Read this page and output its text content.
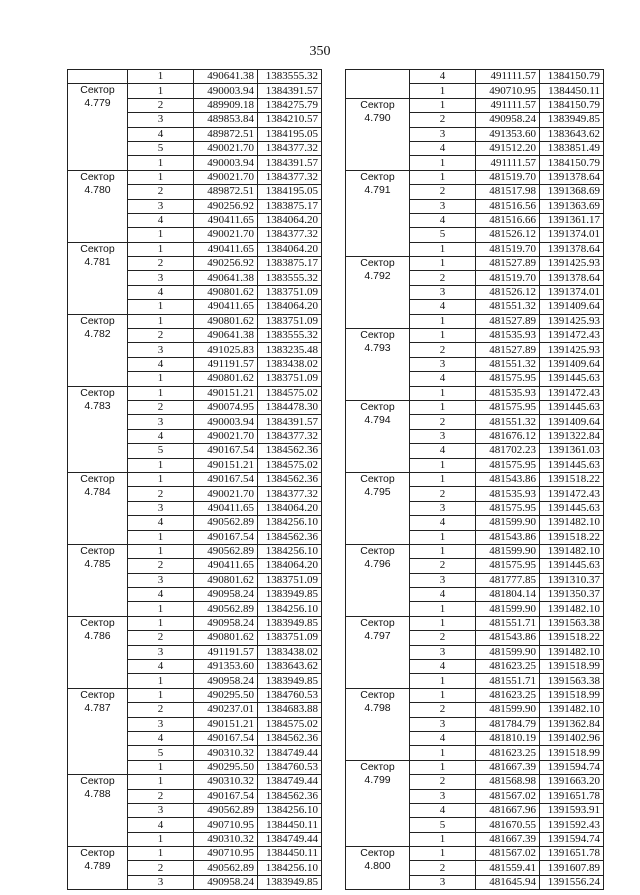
350
	1	490641.38	1383555.32
Сектор
4.779	1	490003.94	1384391.57
	2	489909.18	1384275.79
	3	489853.84	1384210.57
	4	489872.51	1384195.05
	5	490021.70	1384377.32
	1	490003.94	1384391.57
Сектор
4.780	1	490021.70	1384377.32
	2	489872.51	1384195.05
	3	490256.92	1383875.17
	4	490411.65	1384064.20
	1	490021.70	1384377.32
Сектор
4.781	1	490411.65	1384064.20
	2	490256.92	1383875.17
	3	490641.38	1383555.32
	4	490801.62	1383751.09
	1	490411.65	1384064.20
Сектор
4.782	1	490801.62	1383751.09
	2	490641.38	1383555.32
	3	491025.83	1383235.48
	4	491191.57	1383438.02
	1	490801.62	1383751.09
Сектор
4.783	1	490151.21	1384575.02
	2	490074.95	1384478.30
	3	490003.94	1384391.57
	4	490021.70	1384377.32
	5	490167.54	1384562.36
	1	490151.21	1384575.02
Сектор
4.784	1	490167.54	1384562.36
	2	490021.70	1384377.32
	3	490411.65	1384064.20
	4	490562.89	1384256.10
	1	490167.54	1384562.36
Сектор
4.785	1	490562.89	1384256.10
	2	490411.65	1384064.20
	3	490801.62	1383751.09
	4	490958.24	1383949.85
	1	490562.89	1384256.10
Сектор
4.786	1	490958.24	1383949.85
	2	490801.62	1383751.09
	3	491191.57	1383438.02
	4	491353.60	1383643.62
	1	490958.24	1383949.85
Сектор
4.787	1	490295.50	1384760.53
	2	490237.01	1384683.88
	3	490151.21	1384575.02
	4	490167.54	1384562.36
	5	490310.32	1384749.44
	1	490295.50	1384760.53
Сектор
4.788	1	490310.32	1384749.44
	2	490167.54	1384562.36
	3	490562.89	1384256.10
	4	490710.95	1384450.11
	1	490310.32	1384749.44
Сектор
4.789	1	490710.95	1384450.11
	2	490562.89	1384256.10
	3	490958.24	1383949.85
	4	491111.57	1384150.79
	1	490710.95	1384450.11
Сектор
4.790	1	491111.57	1384150.79
	2	490958.24	1383949.85
	3	491353.60	1383643.62
	4	491512.20	1383851.49
	1	491111.57	1384150.79
Сектор
4.791	1	481519.70	1391378.64
	2	481517.98	1391368.69
	3	481516.56	1391363.69
	4	481516.66	1391361.17
	5	481526.12	1391374.01
	1	481519.70	1391378.64
Сектор
4.792	1	481527.89	1391425.93
	2	481519.70	1391378.64
	3	481526.12	1391374.01
	4	481551.32	1391409.64
	1	481527.89	1391425.93
Сектор
4.793	1	481535.93	1391472.43
	2	481527.89	1391425.93
	3	481551.32	1391409.64
	4	481575.95	1391445.63
	1	481535.93	1391472.43
Сектор
4.794	1	481575.95	1391445.63
	2	481551.32	1391409.64
	3	481676.12	1391322.84
	4	481702.23	1391361.03
	1	481575.95	1391445.63
Сектор
4.795	1	481543.86	1391518.22
	2	481535.93	1391472.43
	3	481575.95	1391445.63
	4	481599.90	1391482.10
	1	481543.86	1391518.22
Сектор
4.796	1	481599.90	1391482.10
	2	481575.95	1391445.63
	3	481777.85	1391310.37
	4	481804.14	1391350.37
	1	481599.90	1391482.10
Сектор
4.797	1	481551.71	1391563.38
	2	481543.86	1391518.22
	3	481599.90	1391482.10
	4	481623.25	1391518.99
	1	481551.71	1391563.38
Сектор
4.798	1	481623.25	1391518.99
	2	481599.90	1391482.10
	3	481784.79	1391362.84
	4	481810.19	1391402.96
	1	481623.25	1391518.99
Сектор
4.799	1	481667.39	1391594.74
	2	481568.98	1391663.20
	3	481567.02	1391651.78
	4	481667.96	1391593.91
	5	481670.55	1391592.43
	1	481667.39	1391594.74
Сектор
4.800	1	481567.02	1391651.78
	2	481559.41	1391607.89
	3	481645.94	1391556.24
